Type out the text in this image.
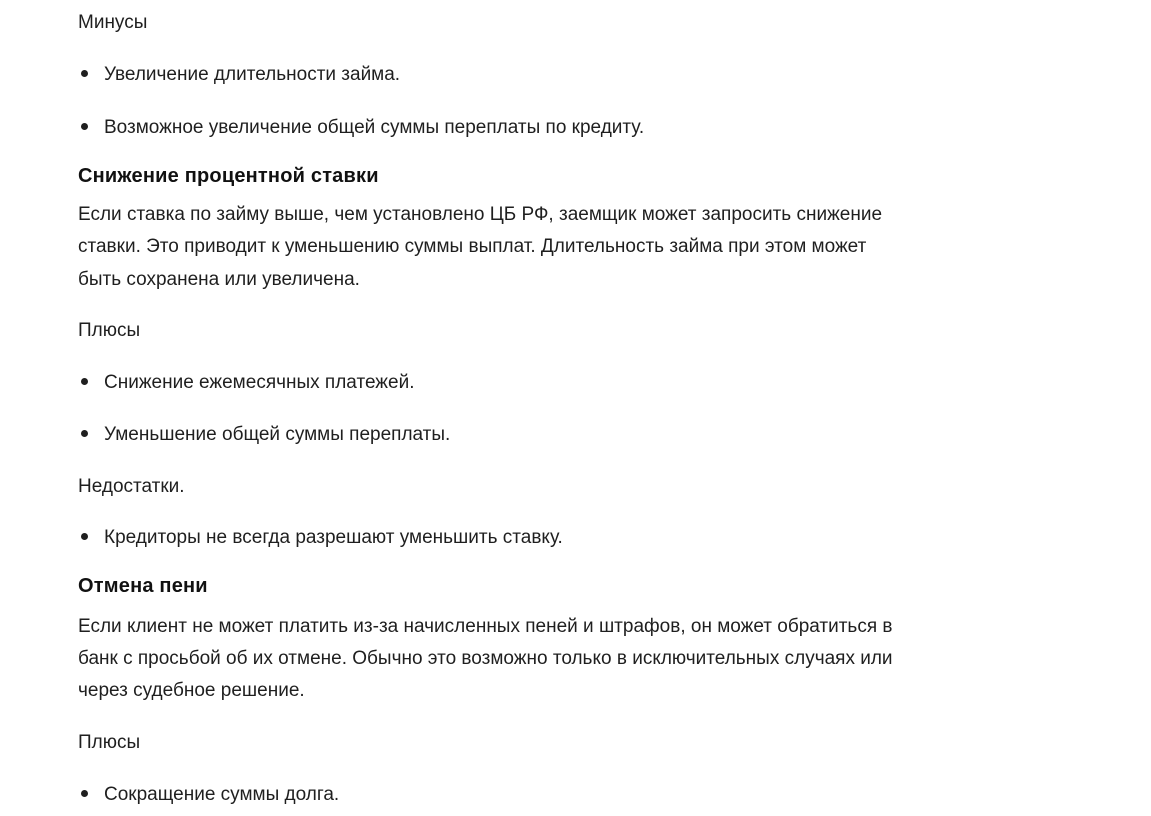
Минусы
Увеличение длительности займа.
Возможное увеличение общей суммы переплаты по кредиту.
Снижение процентной ставки
Если ставка по займу выше, чем установлено ЦБ РФ, заемщик может запросить снижение
ставки. Это приводит к уменьшению суммы выплат. Длительность займа при этом может
быть сохранена или увеличена.
Плюсы
Снижение ежемесячных платежей.
Уменьшение общей суммы переплаты.
Недостатки.
Кредиторы не всегда разрешают уменьшить ставку.
Отмена пени
Если клиент не может платить из-за начисленных пеней и штрафов, он может обратиться в
банк с просьбой об их отмене. Обычно это возможно только в исключительных случаях или
через судебное решение.
Плюсы
Сокращение суммы долга.
